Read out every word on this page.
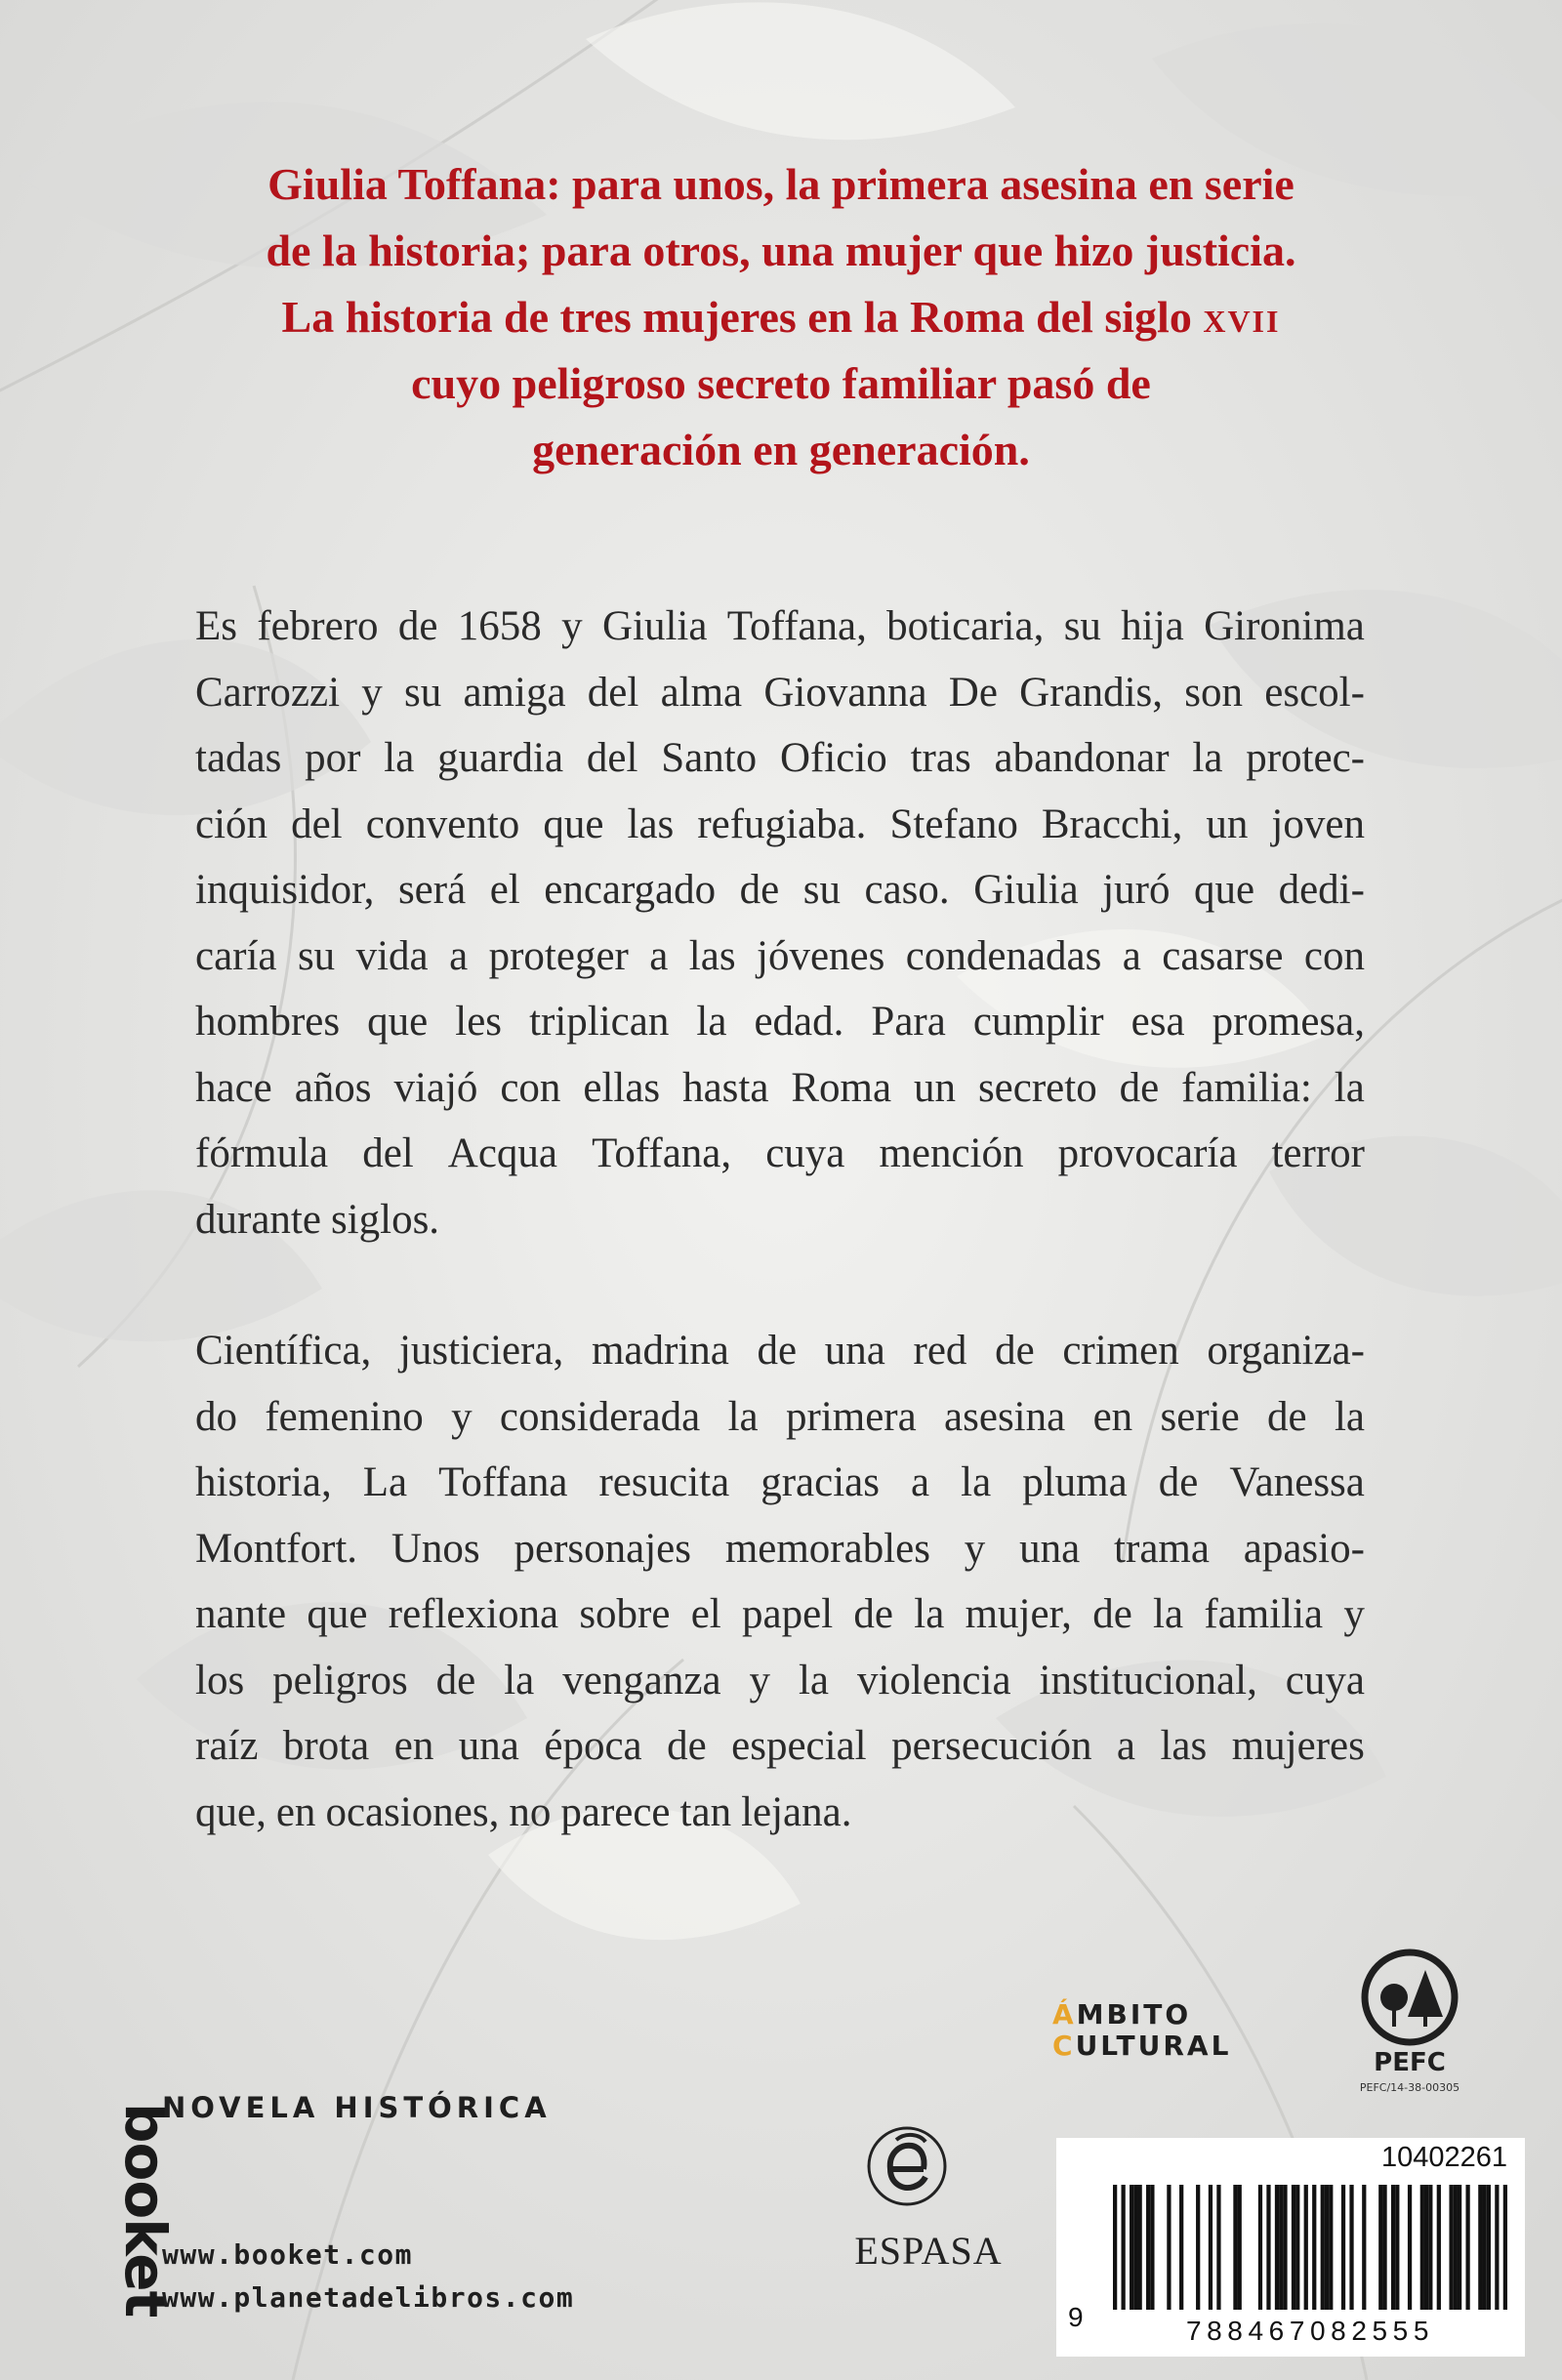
Giulia Toffana: para unos, la primera asesina en serie
de la historia; para otros, una mujer que hizo justicia.
La historia de tres mujeres en la Roma del siglo xvii
cuyo peligroso secreto familiar pasó de
generación en generación.
Es febrero de 1658 y Giulia Toffana, boticaria, su hija Gironima
Carrozzi y su amiga del alma Giovanna De Grandis, son escol-
tadas por la guardia del Santo Oficio tras abandonar la protec-
ción del convento que las refugiaba. Stefano Bracchi, un joven
inquisidor, será el encargado de su caso. Giulia juró que dedi-
caría su vida a proteger a las jóvenes condenadas a casarse con
hombres que les triplican la edad. Para cumplir esa promesa,
hace años viajó con ellas hasta Roma un secreto de familia: la
fórmula del Acqua Toffana, cuya mención provocaría terror
durante siglos.
Científica, justiciera, madrina de una red de crimen organiza-
do femenino y considerada la primera asesina en serie de la
historia, La Toffana resucita gracias a la pluma de Vanessa
Montfort. Unos personajes memorables y una trama apasio-
nante que reflexiona sobre el papel de la mujer, de la familia y
los peligros de la venganza y la violencia institucional, cuya
raíz brota en una época de especial persecución a las mujeres
que, en ocasiones, no parece tan lejana.
booket
NOVELA HISTÓRICA
www.booket.com
www.planetadelibros.com
ESPASA
ÁMBITO
CULTURAL
PEFC
PEFC/14-38-00305
10402261
9	788467082555
